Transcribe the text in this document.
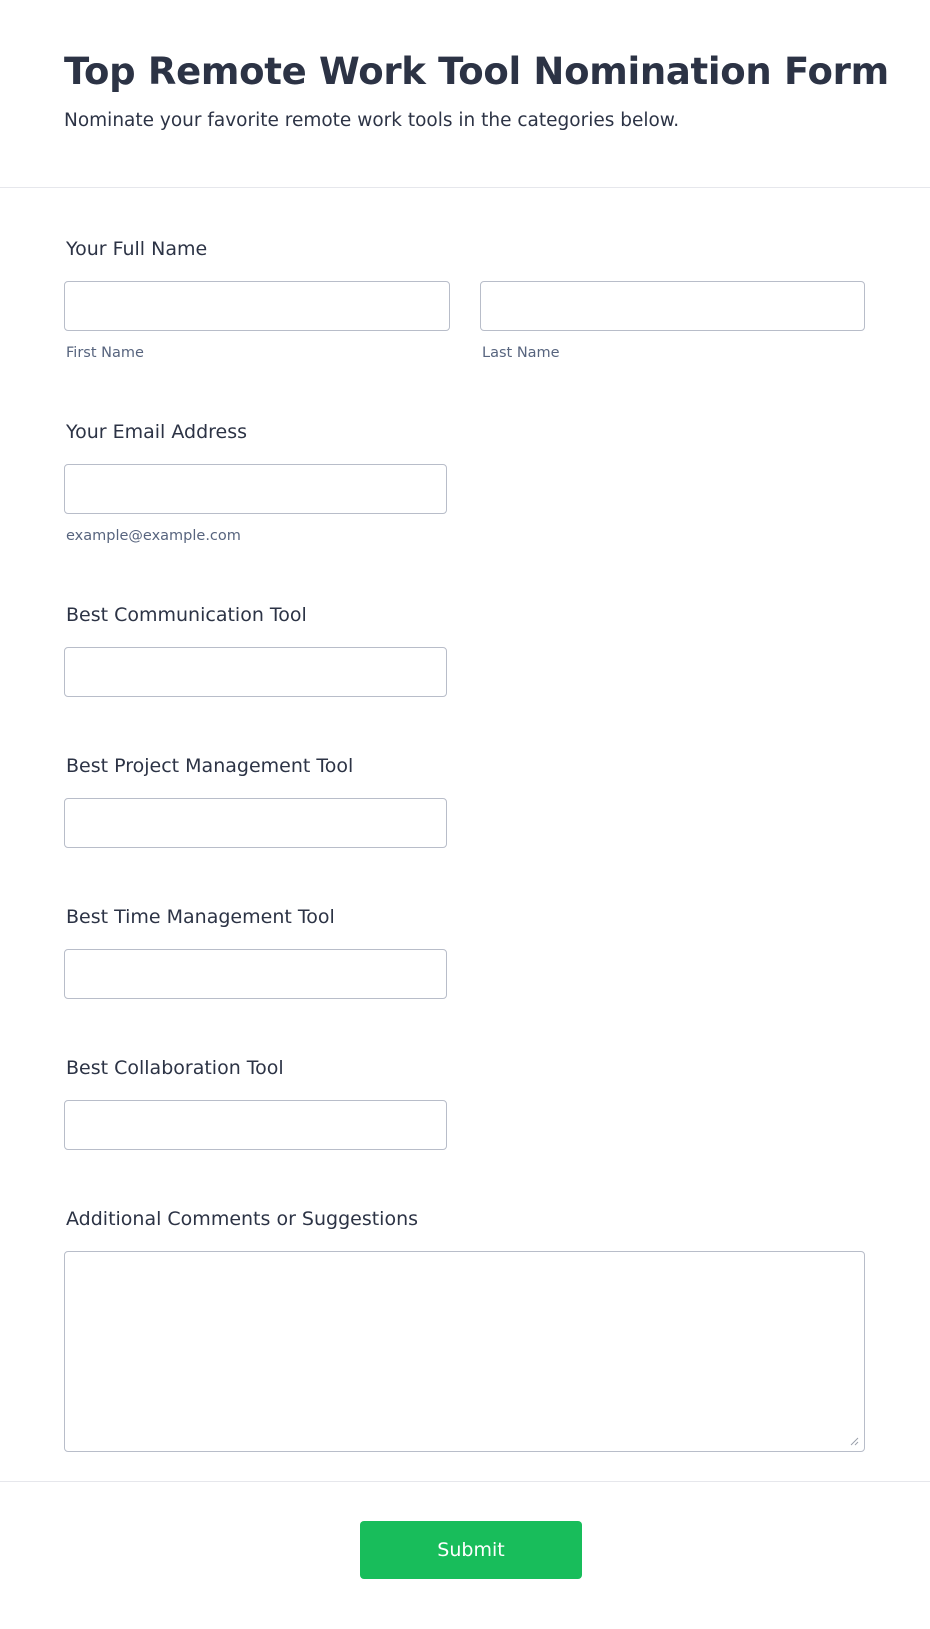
Top Remote Work Tool Nomination Form
Nominate your favorite remote work tools in the categories below.
Your Full Name
First Name	Last Name
Your Email Address
example@example.com
Best Communication Tool
Best Project Management Tool
Best Time Management Tool
Best Collaboration Tool
Additional Comments or Suggestions
Submit
